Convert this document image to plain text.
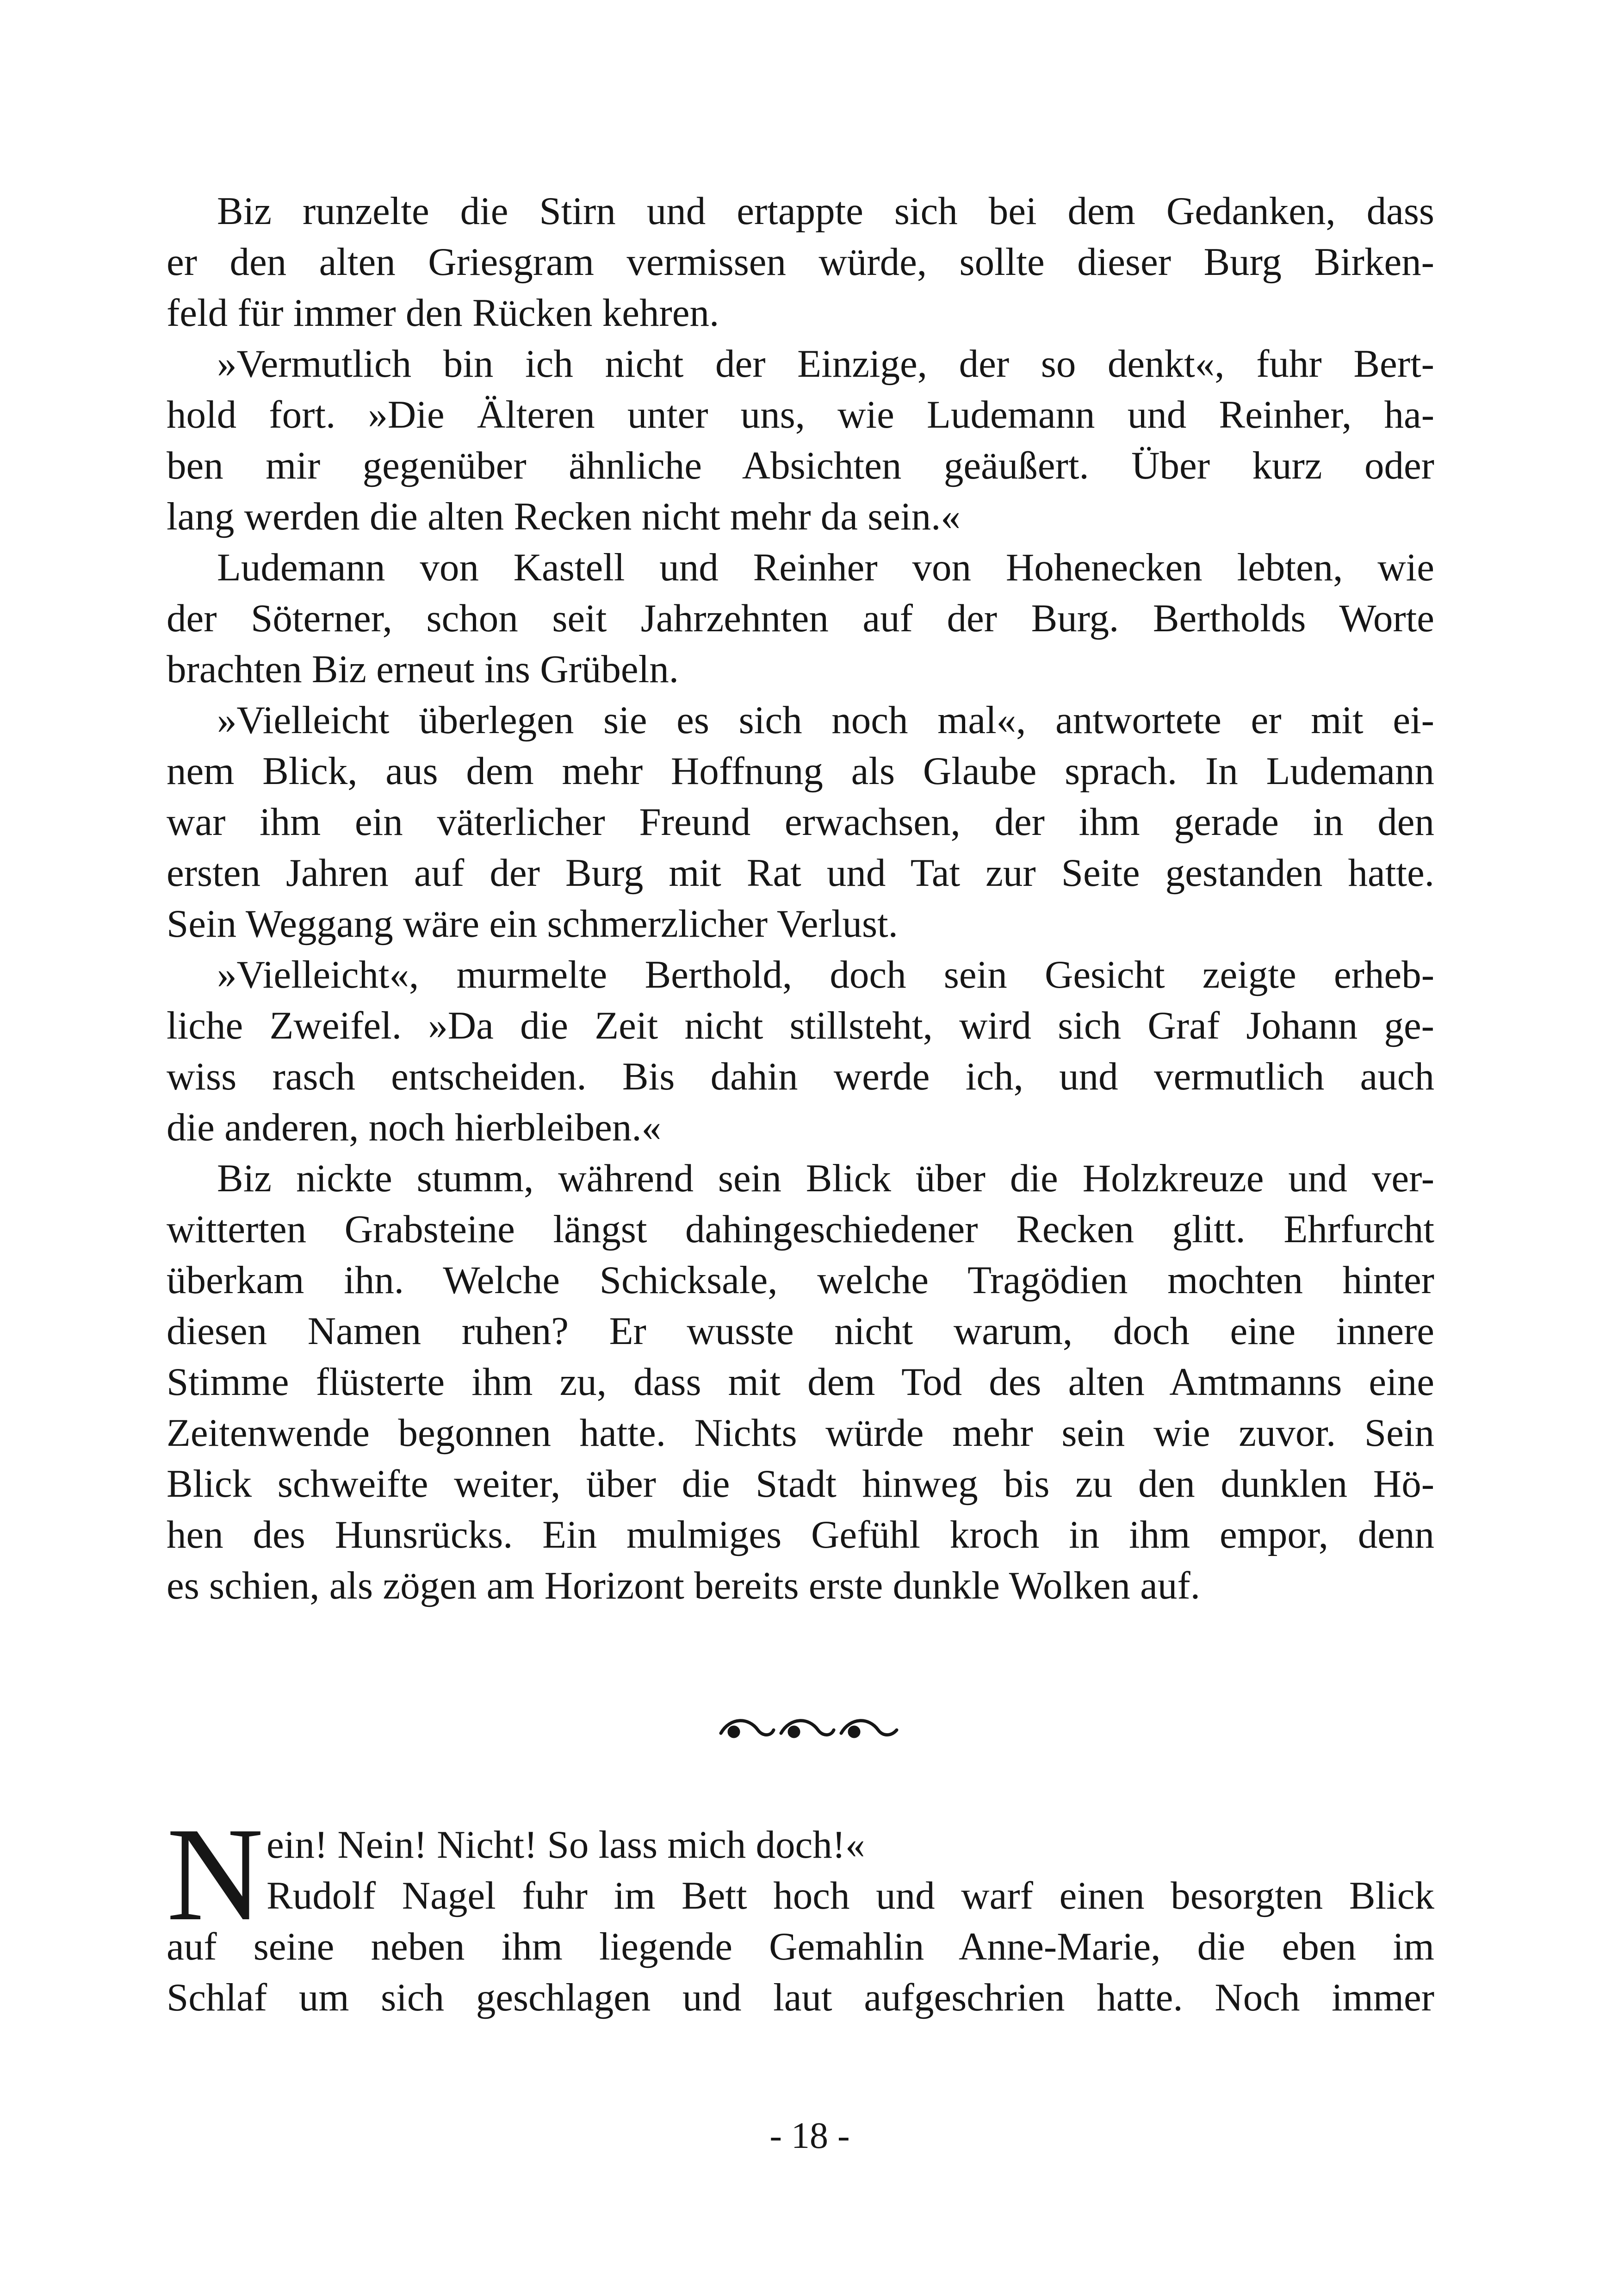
Biz runzelte die Stirn und ertappte sich bei dem Gedanken, dass

er den alten Griesgram vermissen würde, sollte dieser Burg Birken-

feld für immer den Rücken kehren.

»Vermutlich bin ich nicht der Einzige, der so denkt«, fuhr Bert-

hold fort. »Die Älteren unter uns, wie Ludemann und Reinher, ha-

ben mir gegenüber ähnliche Absichten geäußert. Über kurz oder

lang werden die alten Recken nicht mehr da sein.«

Ludemann von Kastell und Reinher von Hohenecken lebten, wie

der Söterner, schon seit Jahrzehnten auf der Burg. Bertholds Worte

brachten Biz erneut ins Grübeln.

»Vielleicht überlegen sie es sich noch mal«, antwortete er mit ei-

nem Blick, aus dem mehr Hoffnung als Glaube sprach. In Ludemann

war ihm ein väterlicher Freund erwachsen, der ihm gerade in den

ersten Jahren auf der Burg mit Rat und Tat zur Seite gestanden hatte.

Sein Weggang wäre ein schmerzlicher Verlust.

»Vielleicht«, murmelte Berthold, doch sein Gesicht zeigte erheb-

liche Zweifel. »Da die Zeit nicht stillsteht, wird sich Graf Johann ge-

wiss rasch entscheiden. Bis dahin werde ich, und vermutlich auch

die anderen, noch hierbleiben.«

Biz nickte stumm, während sein Blick über die Holzkreuze und ver-

witterten Grabsteine längst dahingeschiedener Recken glitt. Ehrfurcht

überkam ihn. Welche Schicksale, welche Tragödien mochten hinter

diesen Namen ruhen? Er wusste nicht warum, doch eine innere

Stimme flüsterte ihm zu, dass mit dem Tod des alten Amtmanns eine

Zeitenwende begonnen hatte. Nichts würde mehr sein wie zuvor. Sein

Blick schweifte weiter, über die Stadt hinweg bis zu den dunklen Hö-

hen des Hunsrücks. Ein mulmiges Gefühl kroch in ihm empor, denn

es schien, als zögen am Horizont bereits erste dunkle Wolken auf.

N ein! Nein! Nicht! So lass mich doch!«

Rudolf Nagel fuhr im Bett hoch und warf einen besorgten Blick

auf seine neben ihm liegende Gemahlin Anne-Marie, die eben im

Schlaf um sich geschlagen und laut aufgeschrien hatte. Noch immer

- 18 -
